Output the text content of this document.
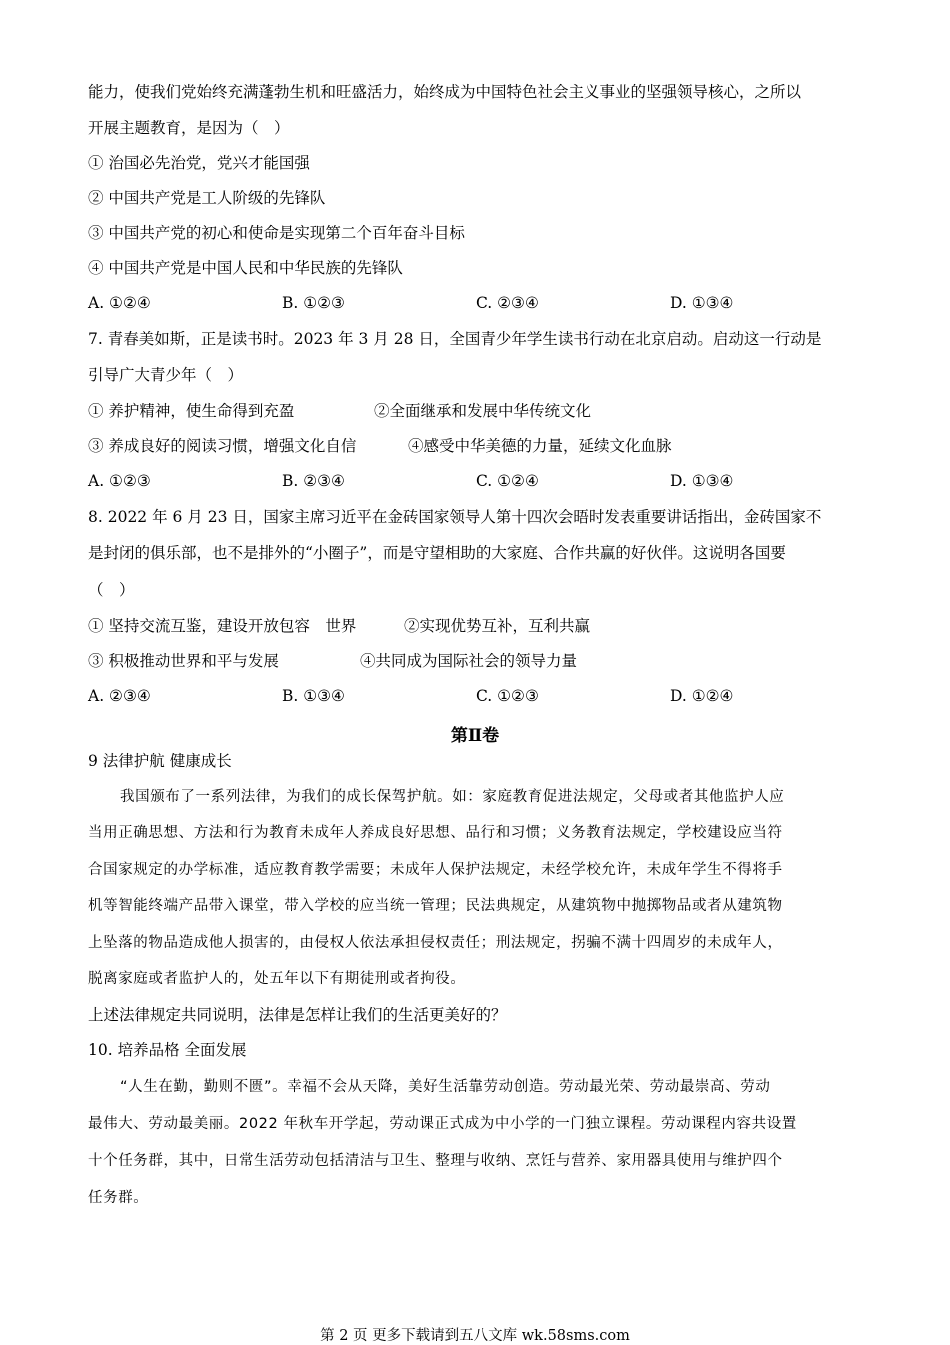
能力，使我们党始终充满蓬勃生机和旺盛活力，始终成为中国特色社会主义事业的坚强领导核心，之所以
开展主题教育，是因为（　）
① 治国必先治党，党兴才能国强
② 中国共产党是工人阶级的先锋队
③ 中国共产党的初心和使命是实现第二个百年奋斗目标
④ 中国共产党是中国人民和中华民族的先锋队
A. ①②④	B. ①②③	C. ②③④	D. ①③④
7. 青春美如斯，正是读书时。2023 年 3 月 28 日，全国青少年学生读书行动在北京启动。启动这一行动是
引导广大青少年（　）
① 养护精神，使生命得到充盈	②全面继承和发展中华传统文化
③ 养成良好的阅读习惯，增强文化自信	④感受中华美德的力量，延续文化血脉
A. ①②③	B. ②③④	C. ①②④	D. ①③④
8. 2022 年 6 月 23 日，国家主席习近平在金砖国家领导人第十四次会晤时发表重要讲话指出，金砖国家不
是封闭的俱乐部，也不是排外的“小圈子”，而是守望相助的大家庭、合作共赢的好伙伴。这说明各国要
（　）
① 坚持交流互鉴，建设开放包容　世界	②实现优势互补，互利共赢
③ 积极推动世界和平与发展	④共同成为国际社会的领导力量
A. ②③④	B. ①③④	C. ①②③	D. ①②④
第Ⅱ卷
9 法律护航 健康成长
我国颁布了一系列法律，为我们的成长保驾护航。如：家庭教育促进法规定，父母或者其他监护人应
当用正确思想、方法和行为教育未成年人养成良好思想、品行和习惯；义务教育法规定，学校建设应当符
合国家规定的办学标准，适应教育教学需要；未成年人保护法规定，未经学校允许，未成年学生不得将手
机等智能终端产品带入课堂，带入学校的应当统一管理；民法典规定，从建筑物中抛掷物品或者从建筑物
上坠落的物品造成他人损害的，由侵权人依法承担侵权责任；刑法规定，拐骗不满十四周岁的未成年人，
脱离家庭或者监护人的，处五年以下有期徒刑或者拘役。
上述法律规定共同说明，法律是怎样让我们的生活更美好的？
10. 培养品格 全面发展
“人生在勤，勤则不匮”。幸福不会从天降，美好生活靠劳动创造。劳动最光荣、劳动最崇高、劳动
最伟大、劳动最美丽。2022 年秋车开学起，劳动课正式成为中小学的一门独立课程。劳动课程内容共设置
十个任务群，其中，日常生活劳动包括清洁与卫生、整理与收纳、烹饪与营养、家用器具使用与维护四个
任务群。
第 2 页 更多下载请到五八文库 wk.58sms.com
